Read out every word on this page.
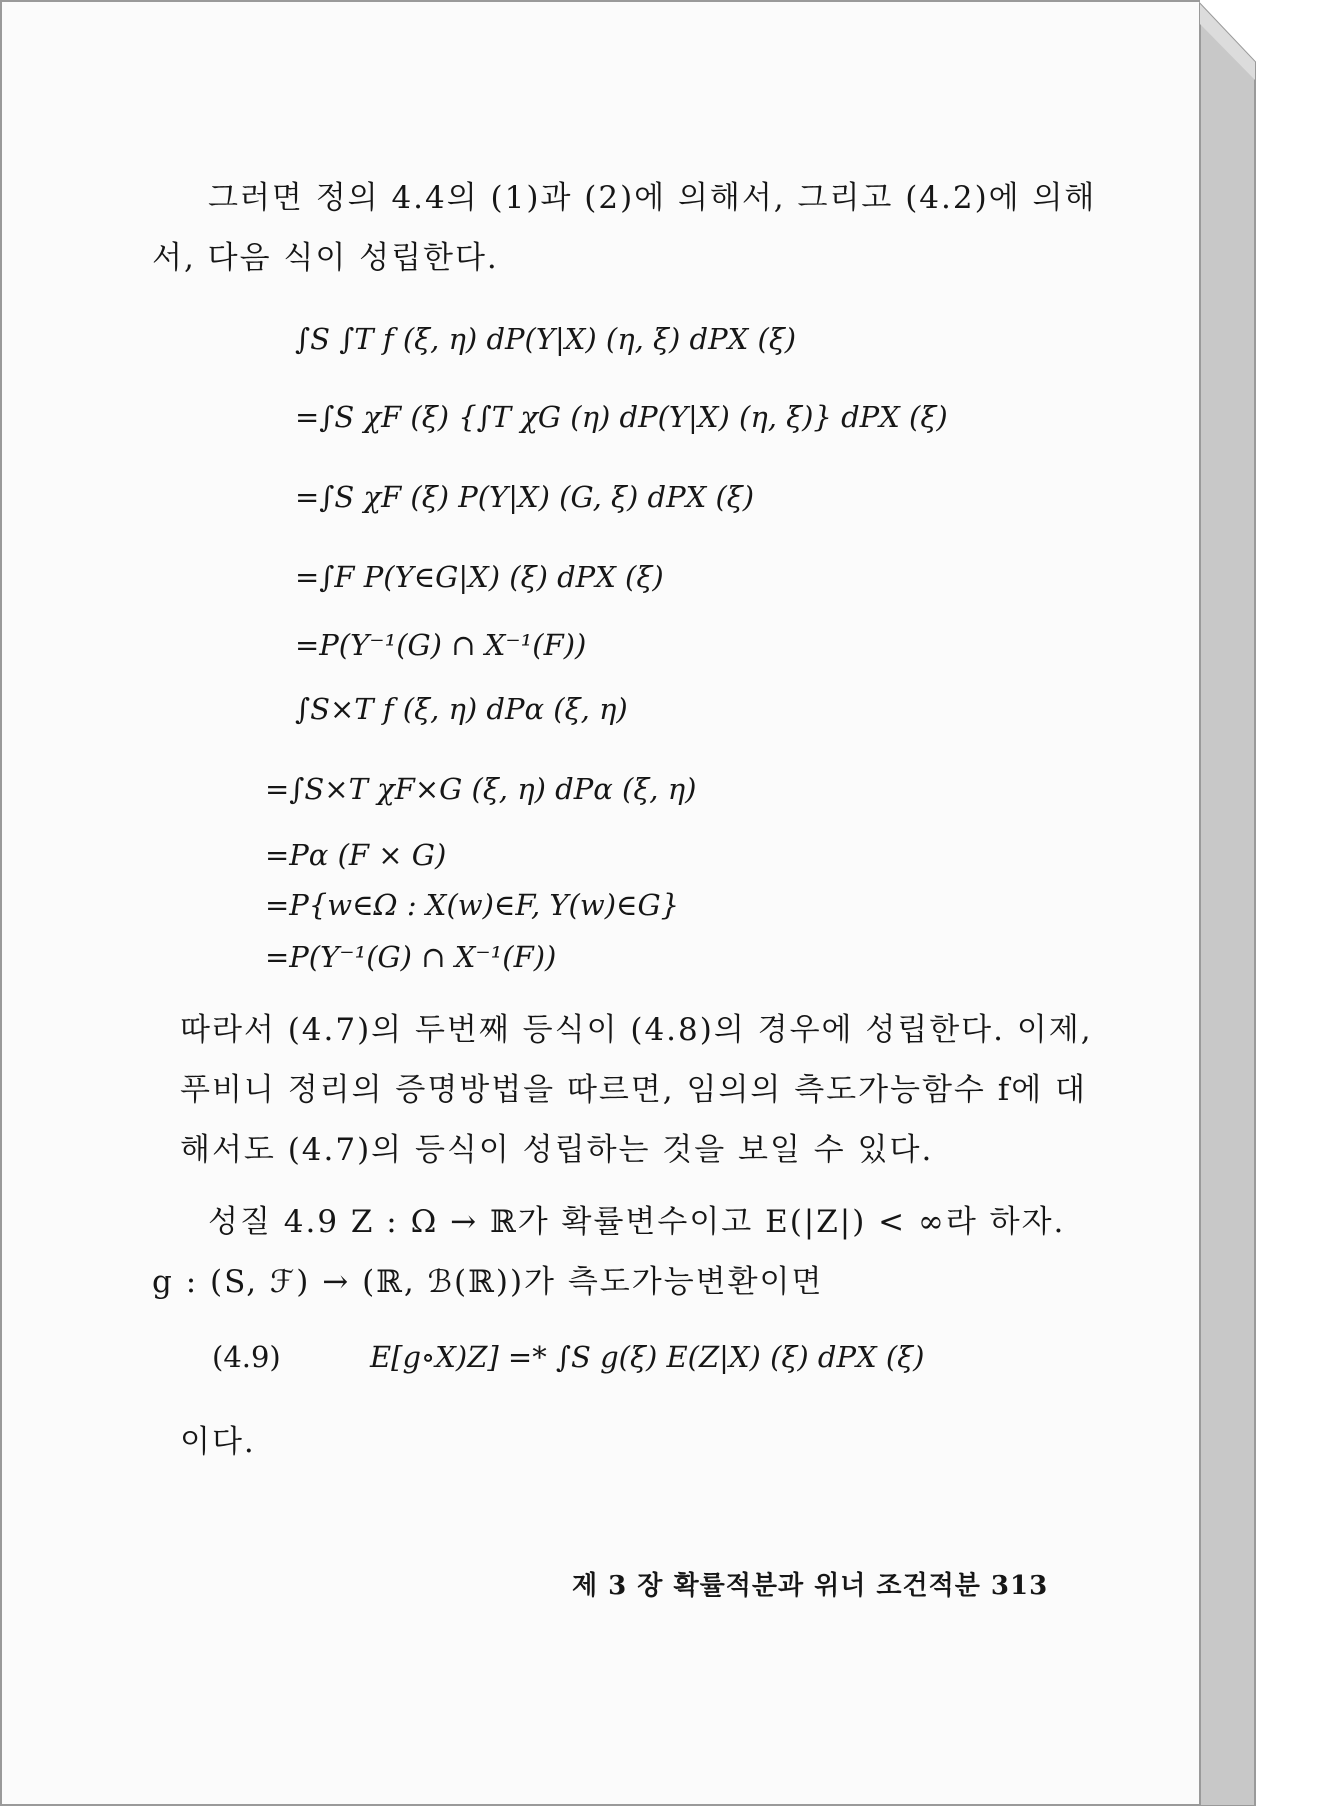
그러면 정의 4.4의 (1)과 (2)에 의해서, 그리고 (4.2)에 의해
서, 다음 식이 성립한다.
∫S ∫T f (ξ, η) dP(Y|X) (η, ξ) dPX (ξ)
=∫S χF (ξ) {∫T χG (η) dP(Y|X) (η, ξ)} dPX (ξ)
=∫S χF (ξ) P(Y|X) (G, ξ) dPX (ξ)
=∫F P(Y∈G|X) (ξ) dPX (ξ)
=P(Y⁻¹(G) ∩ X⁻¹(F))
∫S×T f (ξ, η) dPα (ξ, η)
=∫S×T χF×G (ξ, η) dPα (ξ, η)
=Pα (F × G)
=P{w∈Ω : X(w)∈F, Y(w)∈G}
=P(Y⁻¹(G) ∩ X⁻¹(F))
따라서 (4.7)의 두번째 등식이 (4.8)의 경우에 성립한다. 이제,
푸비니 정리의 증명방법을 따르면, 임의의 측도가능함수 f에 대
해서도 (4.7)의 등식이 성립하는 것을 보일 수 있다.
성질 4.9 Z : Ω → ℝ가 확률변수이고 E(|Z|) < ∞라 하자.
g : (S, ℱ) → (ℝ, ℬ(ℝ))가 측도가능변환이면
(4.9)	E[g∘X)Z] =* ∫S g(ξ) E(Z|X) (ξ) dPX (ξ)
이다.
제 3 장 확률적분과 위너 조건적분 313
